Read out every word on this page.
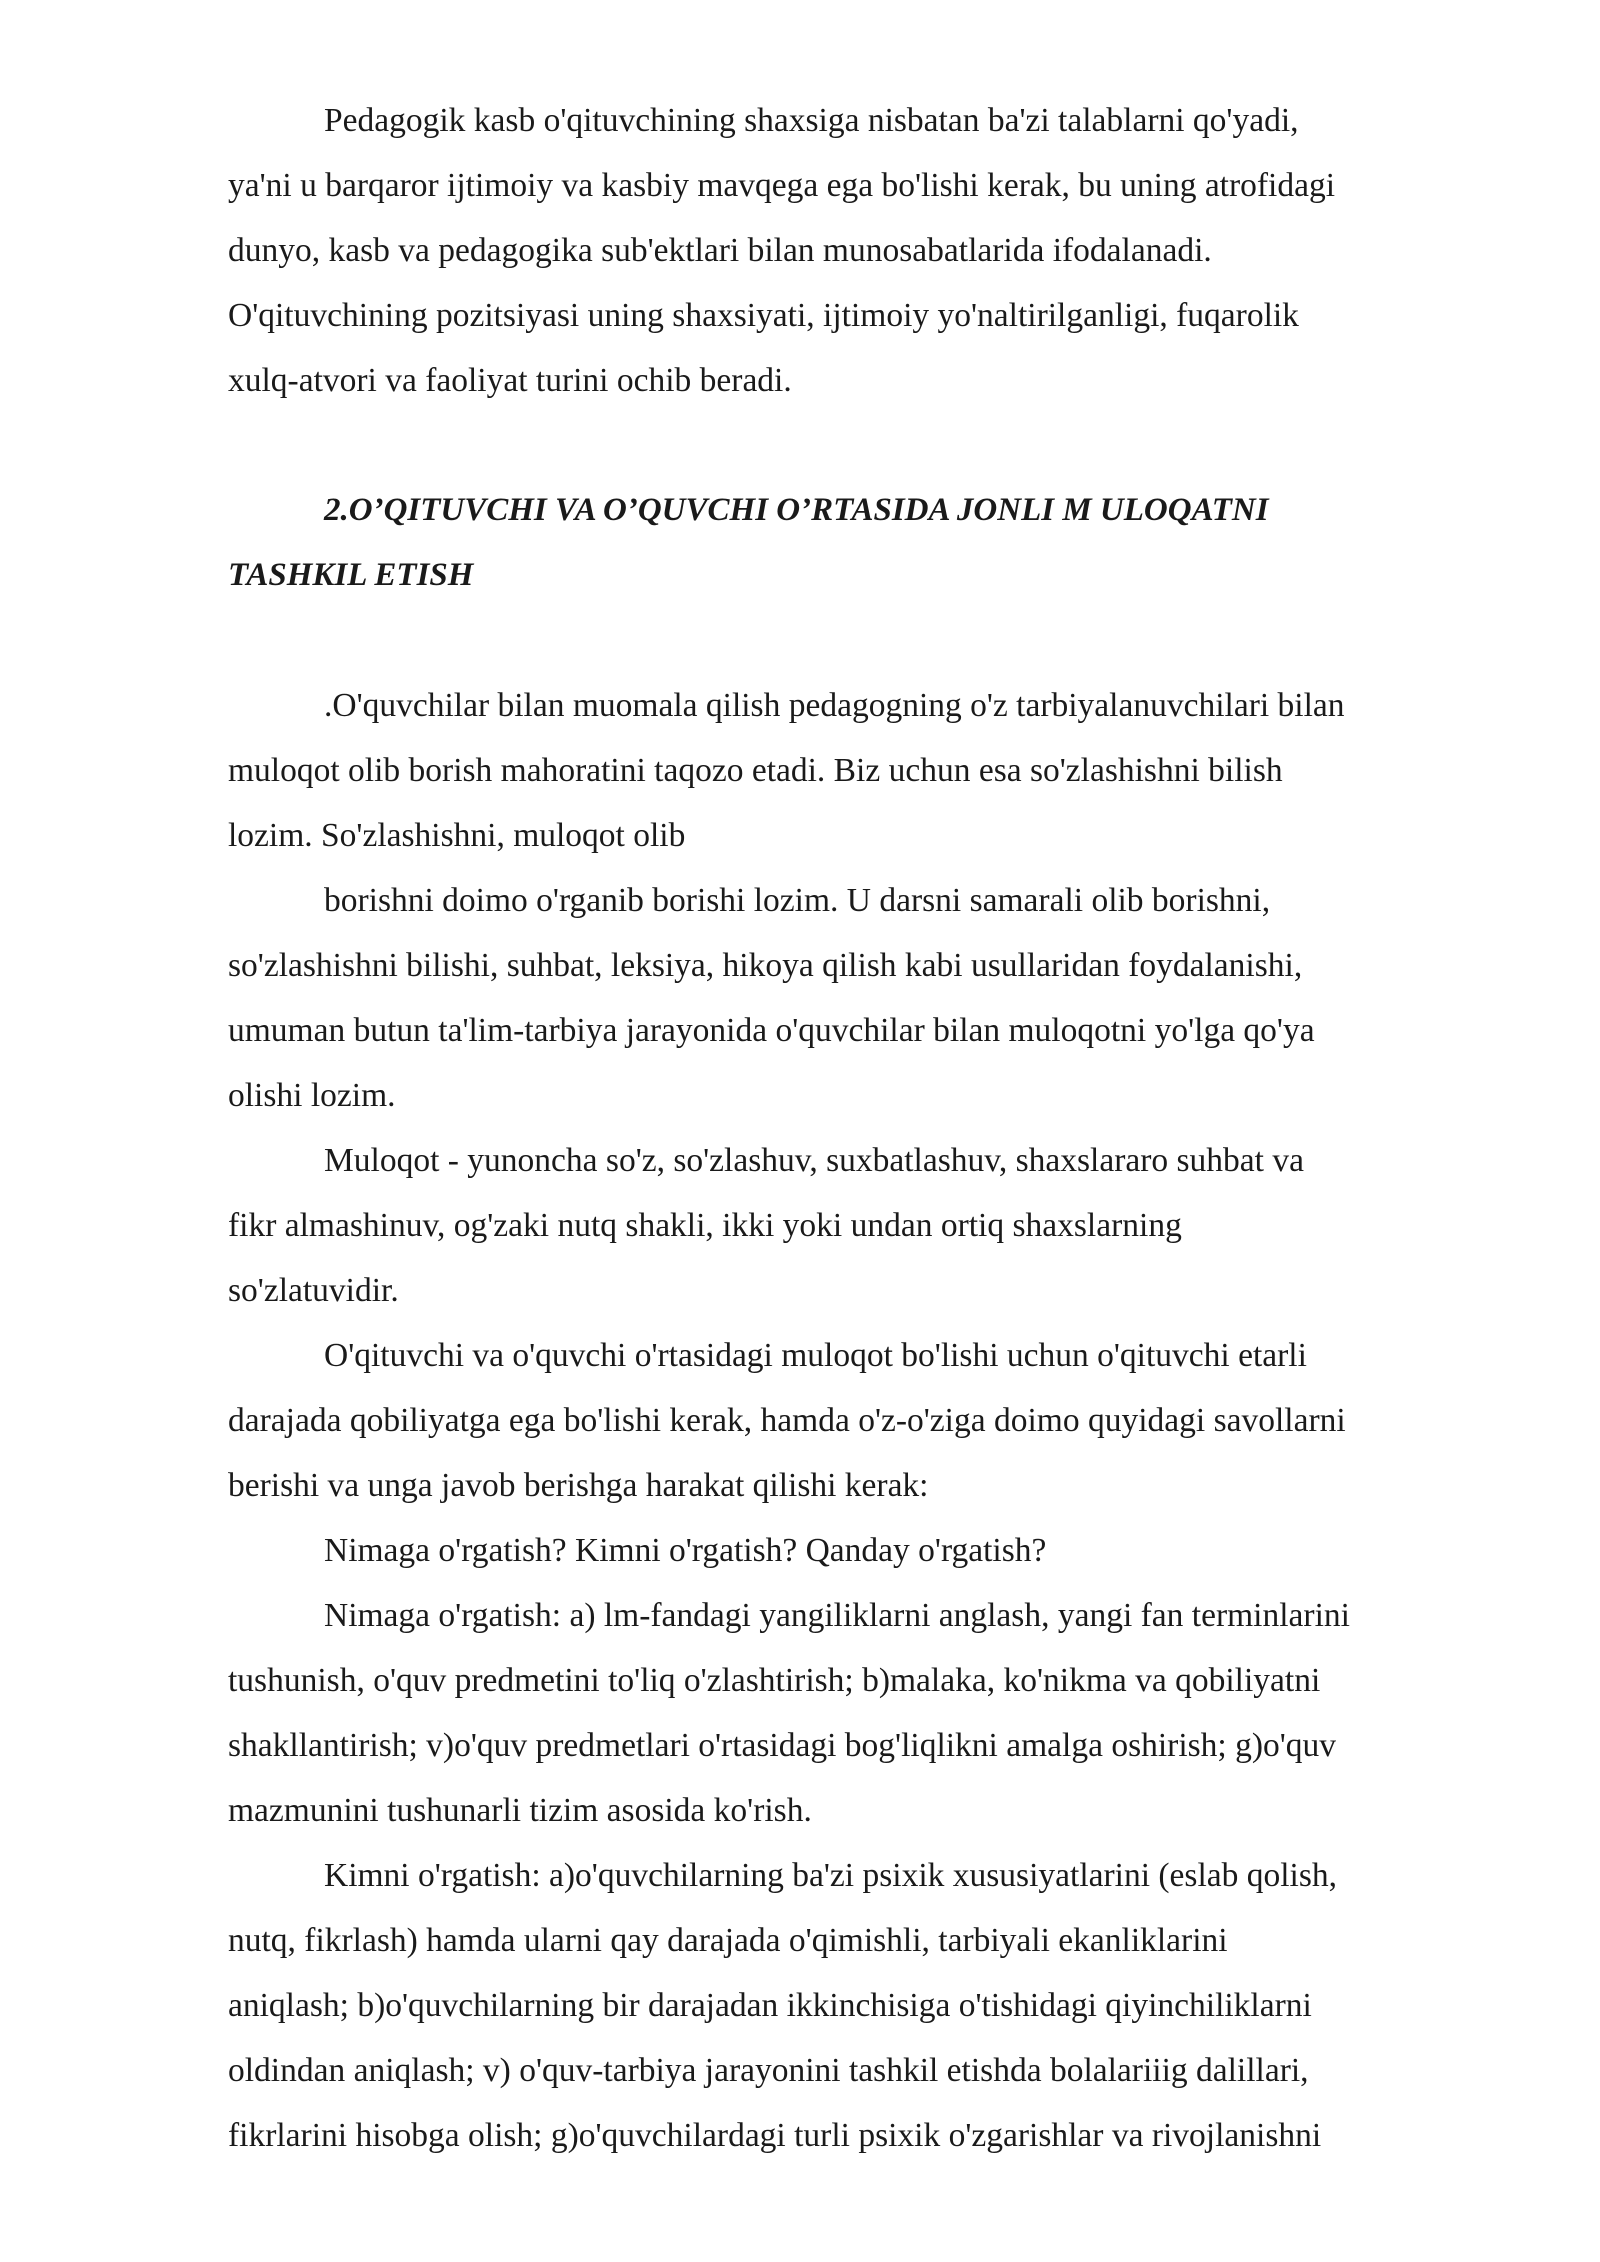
Pedagogik kasb o'qituvchining shaxsiga nisbatan ba'zi talablarni qo'yadi,
ya'ni u barqaror ijtimoiy va kasbiy mavqega ega bo'lishi kerak, bu uning atrofidagi
dunyo, kasb va pedagogika sub'ektlari bilan munosabatlarida ifodalanadi.
O'qituvchining pozitsiyasi uning shaxsiyati, ijtimoiy yo'naltirilganligi, fuqarolik
xulq-atvori va faoliyat turini ochib beradi.
2.O’QITUVCHI VA O’QUVCHI O’RTASIDA JONLI M ULOQATNI
TASHKIL ETISH
.O'quvchilar bilan muomala qilish pedagogning o'z tarbiyalanuvchilari bilan
muloqot olib borish mahoratini taqozo etadi. Biz uchun esa so'zlashishni bilish
lozim. So'zlashishni, muloqot olib
borishni doimo o'rganib borishi lozim. U darsni samarali olib borishni,
so'zlashishni bilishi, suhbat, leksiya, hikoya qilish kabi usullaridan foydalanishi,
umuman butun ta'lim-tarbiya jarayonida o'quvchilar bilan muloqotni yo'lga qo'ya
olishi lozim.
Muloqot - yunoncha so'z, so'zlashuv, suxbatlashuv, shaxslararo suhbat va
fikr almashinuv, og'zaki nutq shakli, ikki yoki undan ortiq shaxslarning
so'zlatuvidir.
O'qituvchi va o'quvchi o'rtasidagi muloqot bo'lishi uchun o'qituvchi etarli
darajada qobiliyatga ega bo'lishi kerak, hamda o'z-o'ziga doimo quyidagi savollarni
berishi va unga javob berishga harakat qilishi kerak:
Nimaga o'rgatish? Kimni o'rgatish? Qanday o'rgatish?
Nimaga o'rgatish: a) lm-fandagi yangiliklarni anglash, yangi fan terminlarini
tushunish, o'quv predmetini to'liq o'zlashtirish; b)malaka, ko'nikma va qobiliyatni
shakllantirish; v)o'quv predmetlari o'rtasidagi bog'liqlikni amalga oshirish; g)o'quv
mazmunini tushunarli tizim asosida ko'rish.
Kimni o'rgatish: a)o'quvchilarning ba'zi psixik xususiyatlarini (eslab qolish,
nutq, fikrlash) hamda ularni qay darajada o'qimishli, tarbiyali ekanliklarini
aniqlash; b)o'quvchilarning bir darajadan ikkinchisiga o'tishidagi qiyinchiliklarni
oldindan aniqlash; v) o'quv-tarbiya jarayonini tashkil etishda bolalariiig dalillari,
fikrlarini hisobga olish; g)o'quvchilardagi turli psixik o'zgarishlar va rivojlanishni
